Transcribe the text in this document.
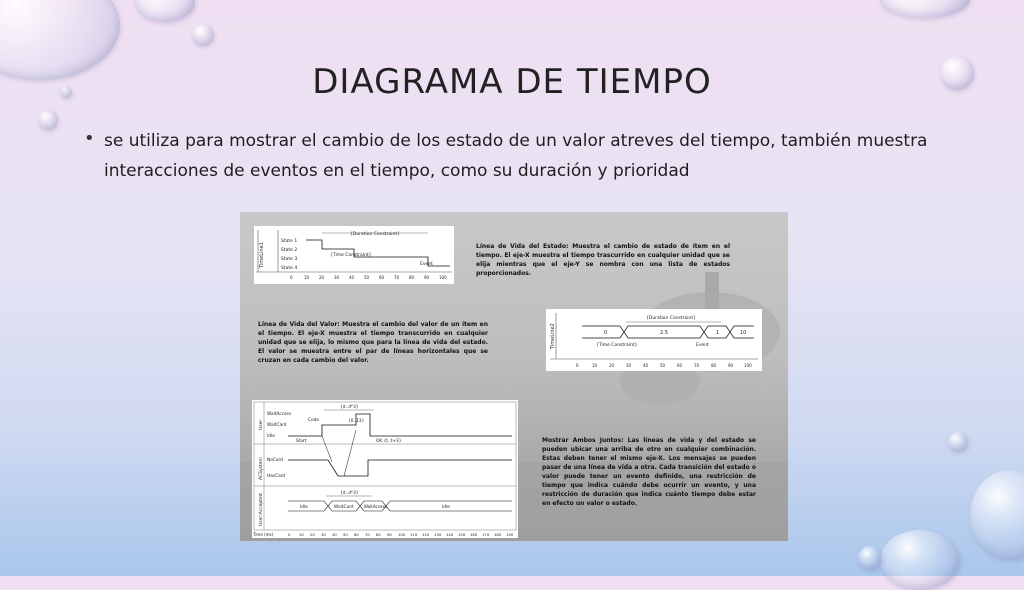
DIAGRAMA DE TIEMPO
• se utiliza para mostrar el cambio de los estado de un valor atreves del tiempo, también muestra interacciones de eventos en el tiempo, como su duración y prioridad
TimeLine1
State 1
State 2
State 3
State 4
{Duration Constraint}
{Time Constraint}
Event
0	10 20 30 40 50 60 70 80 90 100
Línea de Vida del Estado: Muestra el cambio de estado de ítem en el tiempo. El eje-X muestra el tiempo trascurrido en cualquier unidad que se elija mientras que el eje-Y se nombra con una lista de estados proporcionados.
Línea de Vida del Valor: Muestra el cambio del valor de un ítem en el tiempo. El eje-X muestra el tiempo transcurrido en cualquier unidad que se elija, lo mismo que para la línea de vida del estado. El valor se muestra entre el par de líneas horizontales que se cruzan en cada cambio del valor.
TimeLine2
{Duration Constraint}
0	2.5	1	10
{Time Constraint}	Event
0	10	20	30	40	50	60	70	80	90	100
User
ACSystem
User:Accepted
WaitAccess
WaitCard
Idle
{d..d*3}
Code	{0..13}
Start	OK {t..t+3}
NoCard
HasCard
{d..d*3}
Idle	WaitCard	WaitAccess	Idle
Time (ms)	0 10 20 30 40 50 60 70 80 90 100 110 120 130 140 150 160 170 180 190
Mostrar Ambos Juntos: Las líneas de vida y del estado se pueden ubicar una arriba de otro en cualquier combinación. Estas deben tener el mismo eje-X. Los mensajes se pueden pasar de una línea de vida a otra. Cada transición del estado o valor puede tener un evento definido, una restricción de tiempo que indica cuándo debe ocurrir un evento, y una restricción de duración que indica cuánto tiempo debe estar en efecto un valor o estado.
